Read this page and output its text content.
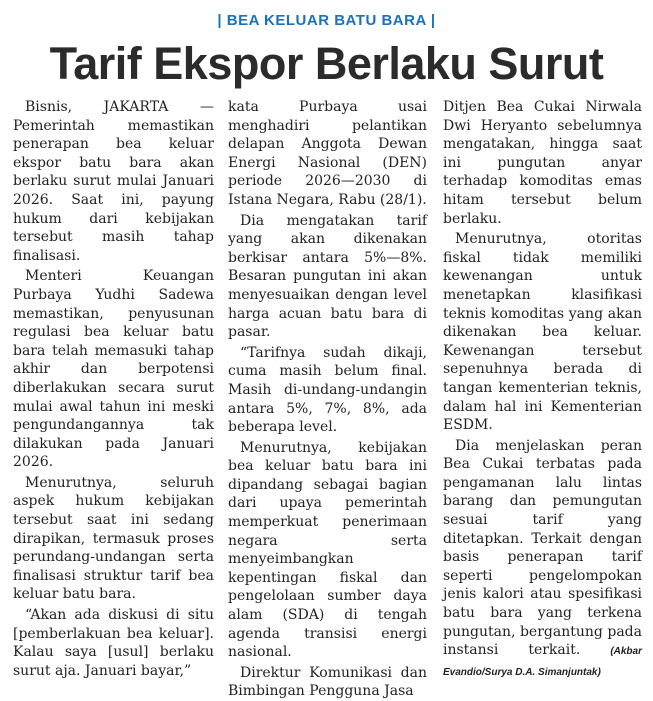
| BEA KELUAR BATU BARA |
Tarif Ekspor Berlaku Surut

Bisnis, JAKARTA — Pemerintah memastikan penerapan bea keluar ekspor batu bara akan berlaku surut mulai Januari 2026. Saat ini, payung hukum dari kebijakan tersebut masih tahap finalisasi.

Menteri Keuangan Purbaya Yudhi Sadewa memastikan, penyusunan regulasi bea keluar batu bara telah memasuki tahap akhir dan berpotensi diberlakukan secara surut mulai awal tahun ini meski pengundangannya tak dilakukan pada Januari 2026.

Menurutnya, seluruh aspek hukum kebijakan tersebut saat ini sedang dirapikan, termasuk proses perundang-undangan serta finalisasi struktur tarif bea keluar batu bara.

“Akan ada diskusi di situ [pemberlakuan bea keluar]. Kalau saya [usul] berlaku surut aja. Januari bayar,”

kata Purbaya usai menghadiri pelantikan delapan Anggota Dewan Energi Nasional (DEN) periode 2026—2030 di Istana Negara, Rabu (28/1).

Dia mengatakan tarif yang akan dikenakan berkisar antara 5%—8%. Besaran pungutan ini akan menyesuaikan dengan level harga acuan batu bara di pasar.

“Tarifnya sudah dikaji, cuma masih belum final. Masih di-undang-undangin antara 5%, 7%, 8%, ada beberapa level.

Menurutnya, kebijakan bea keluar batu bara ini dipandang sebagai bagian dari upaya pemerintah memperkuat penerimaan negara serta menyeimbangkan kepentingan fiskal dan pengelolaan sumber daya alam (SDA) di tengah agenda transisi energi nasional.

Direktur Komunikasi dan Bimbingan Pengguna Jasa

Ditjen Bea Cukai Nirwala Dwi Heryanto sebelumnya mengatakan, hingga saat ini pungutan anyar terhadap komoditas emas hitam tersebut belum berlaku.

Menurutnya, otoritas fiskal tidak memiliki kewenangan untuk menetapkan klasifikasi teknis komoditas yang akan dikenakan bea keluar. Kewenangan tersebut sepenuhnya berada di tangan kementerian teknis, dalam hal ini Kementerian ESDM.

Dia menjelaskan peran Bea Cukai terbatas pada pengamanan lalu lintas barang dan pemungutan sesuai tarif yang ditetapkan. Terkait dengan basis penerapan tarif seperti pengelompokan jenis kalori atau spesifikasi batu bara yang terkena pungutan, bergantung pada instansi terkait.	(Akbar Evandio/Surya D.A. Simanjuntak)
